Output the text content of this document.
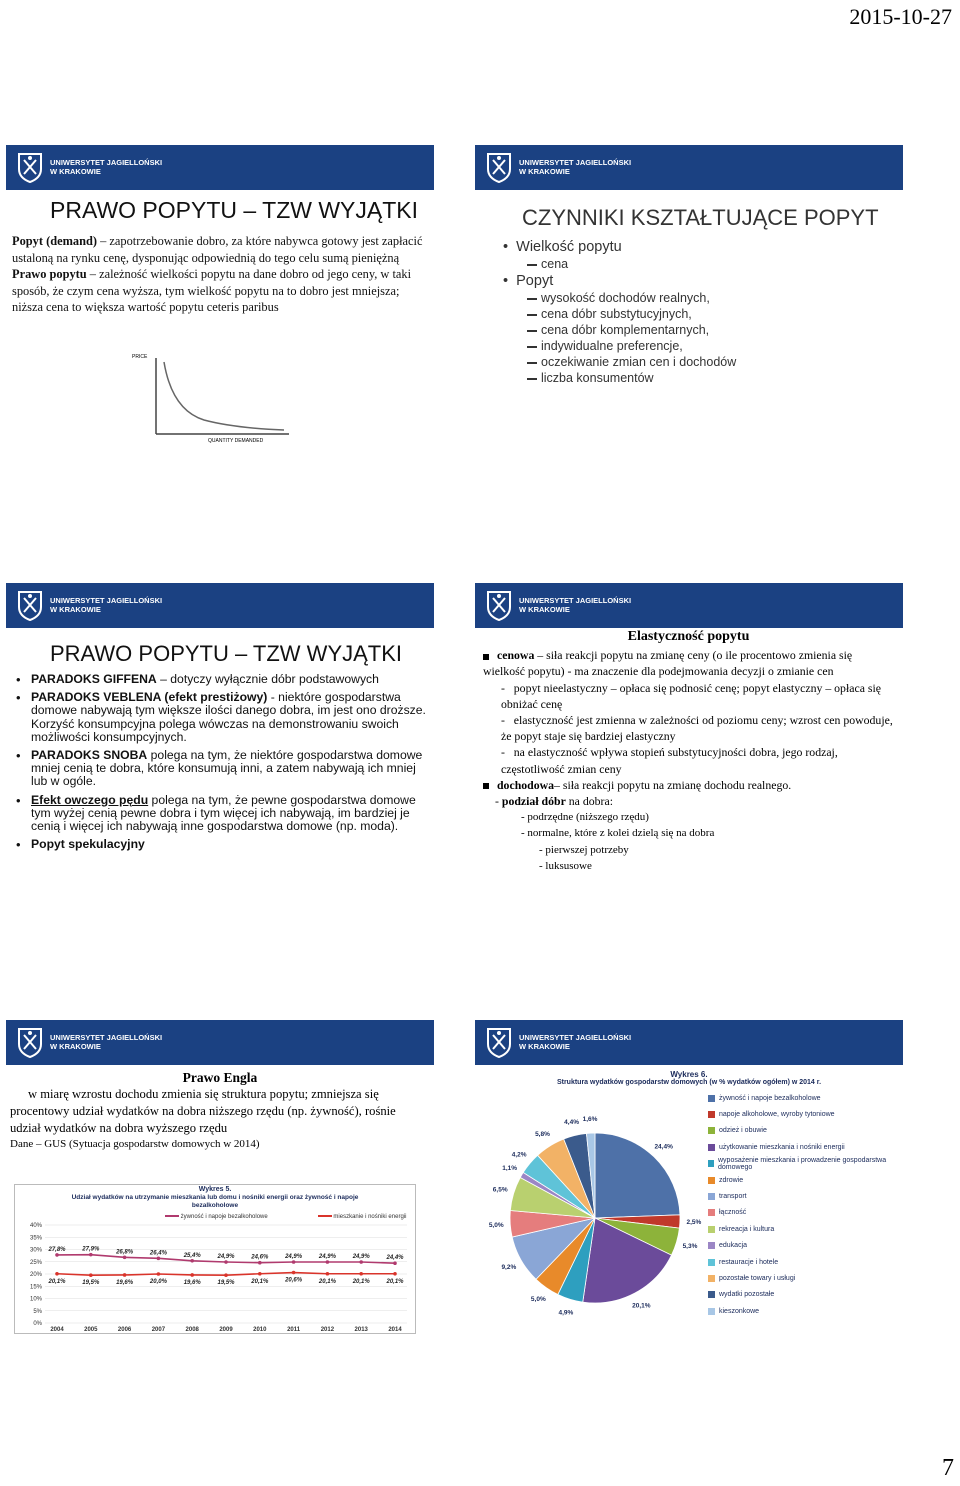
2015-10-27
UNIWERSYTET JAGIELLOŃSKI
W KRAKOWIE
PRAWO POPYTU – TZW WYJĄTKI
Popyt (demand) – zapotrzebowanie dobro, za które nabywca gotowy jest zapłacić ustaloną na rynku cenę, dysponując odpowiednią do tego celu sumą pieniężną
Prawo popytu – zależność wielkości popytu na dane dobro od jego ceny, w taki sposób, że czym cena wyższa, tym wielkość popytu na to dobro jest mniejsza; niższa cena to większa wartość popytu ceteris paribus
PRICE
QUANTITY DEMANDED
DEMAND CURVE
UNIWERSYTET JAGIELLOŃSKI
W KRAKOWIE
CZYNNIKI KSZTAŁTUJĄCE POPYT
•  Wielkość popytu
cena
•  Popyt
wysokość dochodów realnych,
cena dóbr substytucyjnych,
cena dóbr komplementarnych,
indywidualne preferencje,
oczekiwanie zmian cen i dochodów
liczba konsumentów
UNIWERSYTET JAGIELLOŃSKI
W KRAKOWIE
PRAWO POPYTU – TZW WYJĄTKI
• PARADOKS GIFFENA – dotyczy wyłącznie dóbr podstawowych
• PARADOKS VEBLENA (efekt prestiżowy) - niektóre gospodarstwa domowe nabywają tym większe ilości danego dobra, im jest ono droższe. Korzyść konsumpcyjna polega wówczas na demonstrowaniu swoich możliwości konsumpcyjnych.
• PARADOKS SNOBA polega na tym, że niektóre gospodarstwa domowe mniej cenią te dobra, które konsumują inni, a zatem nabywają ich mniej lub w ogóle.
• Efekt owczego pędu polega na tym, że pewne gospodarstwa domowe tym wyżej cenią pewne dobra i tym więcej ich nabywają, im bardziej je cenią i więcej ich nabywają inne gospodarstwa domowe (np. moda).
• Popyt spekulacyjny
UNIWERSYTET JAGIELLOŃSKI
W KRAKOWIE
Elastyczność popytu
cenowa – siła reakcji popytu na zmianę ceny (o ile procentowo zmienia się wielkość popytu) - ma znaczenie dla podejmowania decyzji o zmianie cen
-   popyt nieelastyczny – opłaca się podnosić cenę; popyt elastyczny – opłaca się obniżać cenę
-   elastyczność jest zmienna w zależności od poziomu ceny; wzrost cen powoduje, że popyt staje się bardziej elastyczny
-   na elastyczność wpływa stopień substytucyjności dobra, jego rodzaj, częstotliwość zmian ceny
dochodowa– siła reakcji popytu na zmianę dochodu realnego.
- podział dóbr na dobra:
- podrzędne (niższego rzędu)
- normalne, które z kolei dzielą się na dobra
- pierwszej potrzeby
- luksusowe
UNIWERSYTET JAGIELLOŃSKI
W KRAKOWIE
Prawo Engla
w miarę wzrostu dochodu zmienia się struktura popytu; zmniejsza się procentowy udział wydatków na dobra niższego rzędu (np. żywność), rośnie udział wydatków na dobra wyższego rzędu
Dane – GUS (Sytuacja gospodarstw domowych w 2014)
Wykres 5.
Udział wydatków na utrzymanie mieszkania lub domu i nośniki energii oraz żywność i napoje bezalkoholowe
żywność i napoje bezalkoholowe	mieszkanie i nośniki energii
0%
5%
10%
15%
20%
25%
30%
35%
40%
2004	2005	2006	2007	2008	2009	2010	2011	2012	2013	2014
27,8%	27,9%	26,8%	26,4%	25,4%	24,9%	24,6%	24,9%	24,9%	24,9%	24,4%
20,1%	19,5%	19,6%	20,0%	19,6%	19,5%	20,1%	20,6%	20,1%	20,1%	20,1%
UNIWERSYTET JAGIELLOŃSKI
W KRAKOWIE
Wykres 6.
Struktura wydatków gospodarstw domowych (w % wydatków ogółem) w 2014 r.
24,4%
2,5%
5,3%
20,1%
4,9%
5,0%
9,2%
5,0%
6,5%
1,1%
4,2%
5,8%
4,4% 1,6%
żywność i napoje bezalkoholowe
napoje alkoholowe, wyroby tytoniowe
odzież i obuwie
użytkowanie mieszkania i nośniki energii
wyposażenie mieszkania i prowadzenie gospodarstwa domowego
zdrowie
transport
łączność
rekreacja i kultura
edukacja
restauracje i hotele
pozostałe towary i usługi
wydatki pozostałe
kieszonkowe
7
